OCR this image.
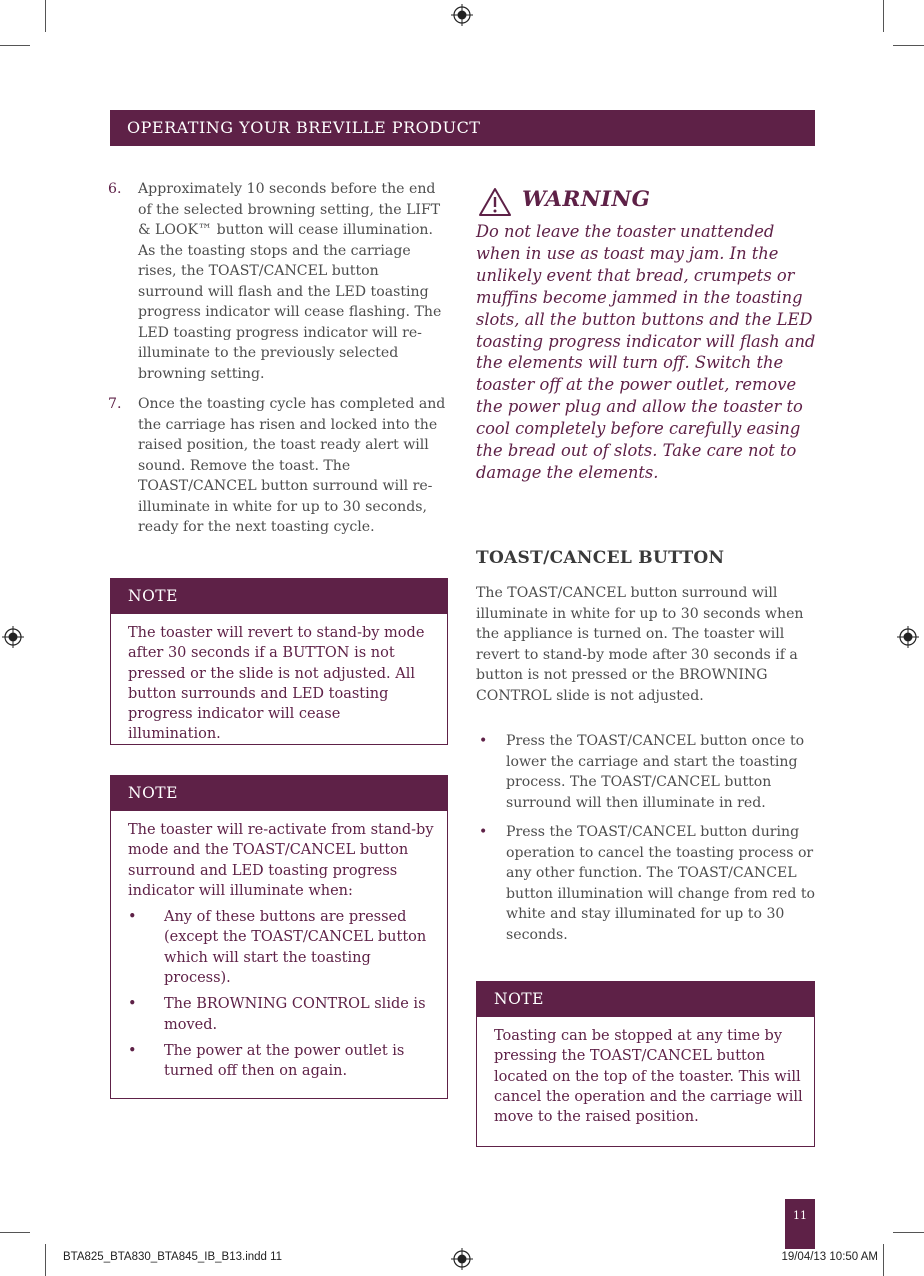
OPERATING YOUR BREVILLE PRODUCT
6. Approximately 10 seconds before the end of the selected browning setting, the LIFT & LOOK™ button will cease illumination. As the toasting stops and the carriage rises, the TOAST/CANCEL button surround will flash and the LED toasting progress indicator will cease flashing. The LED toasting progress indicator will re-illuminate to the previously selected browning setting.
7. Once the toasting cycle has completed and the carriage has risen and locked into the raised position, the toast ready alert will sound. Remove the toast. The TOAST/CANCEL button surround will re-illuminate in white for up to 30 seconds, ready for the next toasting cycle.
NOTE
The toaster will revert to stand-by mode after 30 seconds if a BUTTON is not pressed or the slide is not adjusted. All button surrounds and LED toasting progress indicator will cease illumination.
NOTE
The toaster will re-activate from stand-by mode and the TOAST/CANCEL button surround and LED toasting progress indicator will illuminate when:
• Any of these buttons are pressed (except the TOAST/CANCEL button which will start the toasting process).
• The BROWNING CONTROL slide is moved.
• The power at the power outlet is turned off then on again.
WARNING
Do not leave the toaster unattended when in use as toast may jam. In the unlikely event that bread, crumpets or muffins become jammed in the toasting slots, all the button buttons and the LED toasting progress indicator will flash and the elements will turn off. Switch the toaster off at the power outlet, remove the power plug and allow the toaster to cool completely before carefully easing the bread out of slots. Take care not to damage the elements.
TOAST/CANCEL BUTTON
The TOAST/CANCEL button surround will illuminate in white for up to 30 seconds when the appliance is turned on. The toaster will revert to stand-by mode after 30 seconds if a button is not pressed or the BROWNING CONTROL slide is not adjusted.
• Press the TOAST/CANCEL button once to lower the carriage and start the toasting process. The TOAST/CANCEL button surround will then illuminate in red.
• Press the TOAST/CANCEL button during operation to cancel the toasting process or any other function. The TOAST/CANCEL button illumination will change from red to white and stay illuminated for up to 30 seconds.
NOTE
Toasting can be stopped at any time by pressing the TOAST/CANCEL button located on the top of the toaster. This will cancel the operation and the carriage will move to the raised position.
11
BTA825_BTA830_BTA845_IB_B13.indd 11	19/04/13 10:50 AM
